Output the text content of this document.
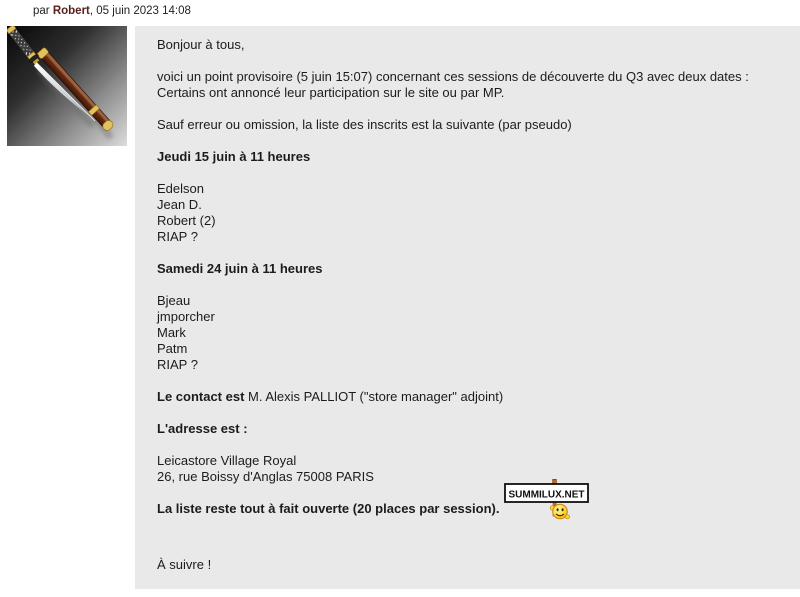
par Robert, 05 juin 2023 14:08
Bonjour à tous,
voici un point provisoire (5 juin 15:07) concernant ces sessions de découverte du Q3 avec deux dates :
Certains ont annoncé leur participation sur le site ou par MP.
Sauf erreur ou omission, la liste des inscrits est la suivante (par pseudo)
Jeudi 15 juin à 11 heures
Edelson
Jean D.
Robert (2)
RIAP ?
Samedi 24 juin à 11 heures
Bjeau
jmporcher
Mark
Patm
RIAP ?
Le contact est M. Alexis PALLIOT ("store manager" adjoint)
L'adresse est :
Leicastore Village Royal
26, rue Boissy d'Anglas 75008 PARIS
La liste reste tout à fait ouverte (20 places par session).
SUMMILUX.NET
À suivre !
